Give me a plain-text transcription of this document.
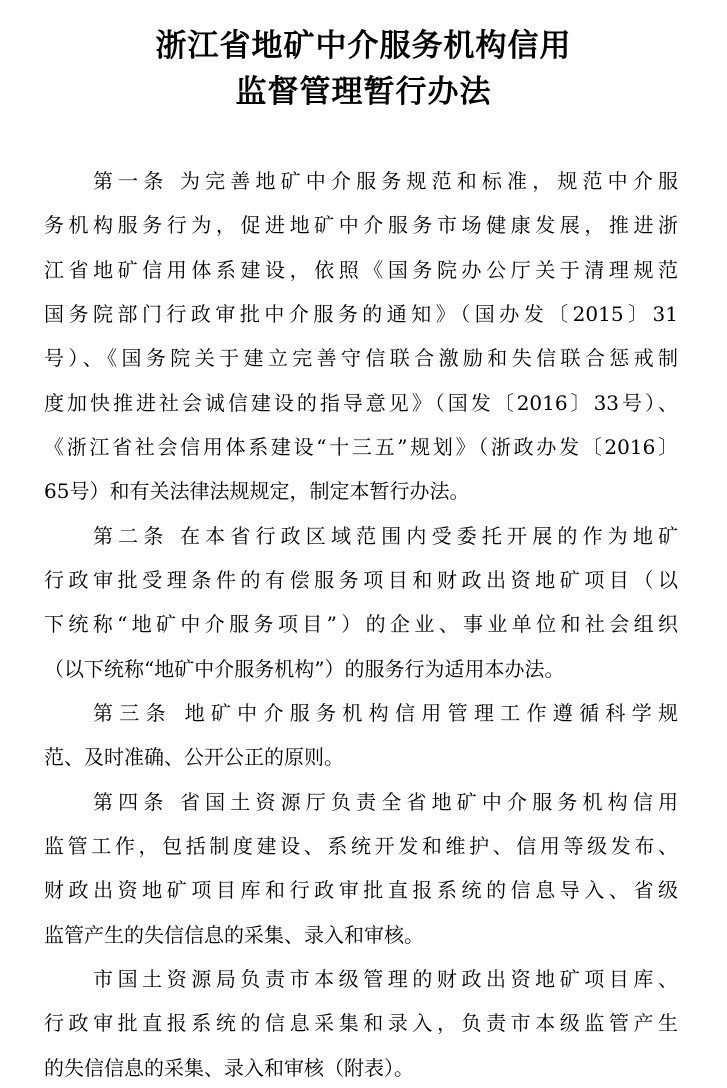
浙江省地矿中介服务机构信用
监督管理暂行办法
第一条 为完善地矿中介服务规范和标准，规范中介服
务机构服务行为，促进地矿中介服务市场健康发展，推进浙
江省地矿信用体系建设，依照《国务院办公厅关于清理规范
国务院部门行政审批中介服务的通知》（国办发〔2015〕31
号）、《国务院关于建立完善守信联合激励和失信联合惩戒制
度加快推进社会诚信建设的指导意见》（国发〔2016〕33号）、
《浙江省社会信用体系建设“十三五”规划》（浙政办发〔2016〕
65号）和有关法律法规规定，制定本暂行办法。
第二条 在本省行政区域范围内受委托开展的作为地矿
行政审批受理条件的有偿服务项目和财政出资地矿项目（以
下统称“地矿中介服务项目”）的企业、事业单位和社会组织
（以下统称“地矿中介服务机构”）的服务行为适用本办法。
第三条 地矿中介服务机构信用管理工作遵循科学规
范、及时准确、公开公正的原则。
第四条 省国土资源厅负责全省地矿中介服务机构信用
监管工作，包括制度建设、系统开发和维护、信用等级发布、
财政出资地矿项目库和行政审批直报系统的信息导入、省级
监管产生的失信信息的采集、录入和审核。
市国土资源局负责市本级管理的财政出资地矿项目库、
行政审批直报系统的信息采集和录入，负责市本级监管产生
的失信信息的采集、录入和审核（附表）。
